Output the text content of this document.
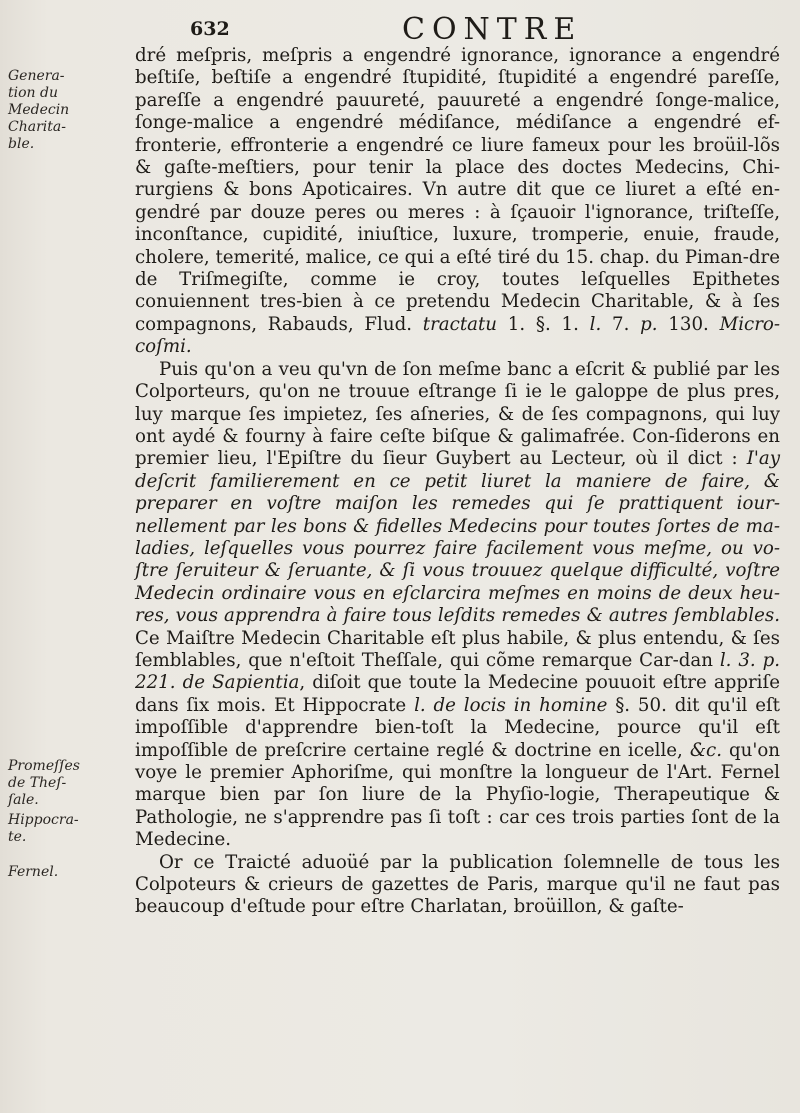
632	CONTRE
Genera-tion du Medecin Charita-ble.
Promeſſes de Theſ-ſale.
Hippocra-te.
Fernel.

dré meſpris, meſpris a engendré ignorance, ignorance a engendré beſtiſe, beſtiſe a engendré ſtupidité, ſtupidité a engendré pareſſe, pareſſe a engendré pauureté, pauureté a engendré ſonge-malice, ſonge-malice a engendré médiſance, médiſance a engendré ef-fronterie, effronterie a engendré ce liure fameux pour les broüil-lõs & gaſte-meſtiers, pour tenir la place des doctes Medecins, Chi-rurgiens & bons Apoticaires. Vn autre dit que ce liuret a eſté en-gendré par douze peres ou meres : à ſçauoir l'ignorance, triſteſſe, inconſtance, cupidité, iniuſtice, luxure, tromperie, enuie, fraude, cholere, temerité, malice, ce qui a eſté tiré du 15. chap. du Piman-dre de Triſmegiſte, comme ie croy, toutes leſquelles Epithetes conuiennent tres-bien à ce pretendu Medecin Charitable, & à ſes compagnons, Rabauds, Flud. tractatu 1. §. 1. l. 7. p. 130. Micro-coſmi.

Puis qu'on a veu qu'vn de ſon meſme banc a eſcrit & publié par les Colporteurs, qu'on ne trouue eſtrange ſi ie le galoppe de plus pres, luy marque ſes impietez, ſes aſneries, & de ſes compagnons, qui luy ont aydé & fourny à faire ceſte biſque & galimafrée. Con-ſiderons en premier lieu, l'Epiſtre du ſieur Guybert au Lecteur, où il dict : I'ay deſcrit familierement en ce petit liuret la maniere de faire, & preparer en voſtre maiſon les remedes qui ſe prattiquent iour-nellement par les bons & fidelles Medecins pour toutes ſortes de ma-ladies, leſquelles vous pourrez faire facilement vous meſme, ou vo-ſtre ſeruiteur & ſeruante, & ſi vous trouuez quelque difficulté, voſtre Medecin ordinaire vous en eſclarcira meſmes en moins de deux heu-res, vous apprendra à faire tous leſdits remedes & autres ſemblables. Ce Maiſtre Medecin Charitable eſt plus habile, & plus entendu, & ſes ſemblables, que n'eſtoit Theſſale, qui cõme remarque Car-dan l. 3. p. 221. de Sapientia, diſoit que toute la Medecine pouuoit eſtre appriſe dans ſix mois. Et Hippocrate l. de locis in homine §. 50. dit qu'il eſt impoſſible d'apprendre bien-toſt la Medecine, pource qu'il eſt impoſſible de preſcrire certaine reglé & doctrine en icelle, &c. qu'on voye le premier Aphoriſme, qui monſtre la longueur de l'Art. Fernel marque bien par ſon liure de la Phyſio-logie, Therapeutique & Pathologie, ne s'apprendre pas ſi toſt : car ces trois parties ſont de la Medecine.

Or ce Traicté aduoüé par la publication ſolemnelle de tous les Colpoteurs & crieurs de gazettes de Paris, marque qu'il ne faut pas beaucoup d'eſtude pour eſtre Charlatan, broüillon, & gaſte-
